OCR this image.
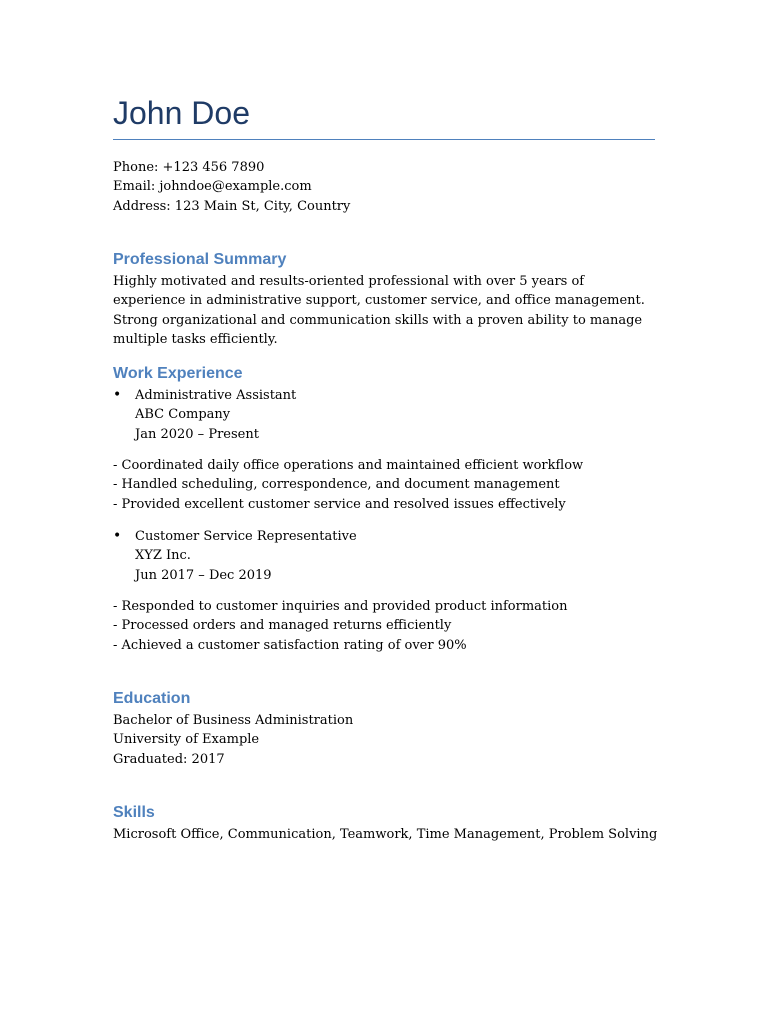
John Doe
Phone: +123 456 7890
Email: johndoe@example.com
Address: 123 Main St, City, Country
Professional Summary
Highly motivated and results-oriented professional with over 5 years of experience in administrative support, customer service, and office management. Strong organizational and communication skills with a proven ability to manage multiple tasks efficiently.
Work Experience
• Administrative Assistant
ABC Company
Jan 2020 – Present
- Coordinated daily office operations and maintained efficient workflow
- Handled scheduling, correspondence, and document management
- Provided excellent customer service and resolved issues effectively
• Customer Service Representative
XYZ Inc.
Jun 2017 – Dec 2019
- Responded to customer inquiries and provided product information
- Processed orders and managed returns efficiently
- Achieved a customer satisfaction rating of over 90%
Education
Bachelor of Business Administration
University of Example
Graduated: 2017
Skills
Microsoft Office, Communication, Teamwork, Time Management, Problem Solving
